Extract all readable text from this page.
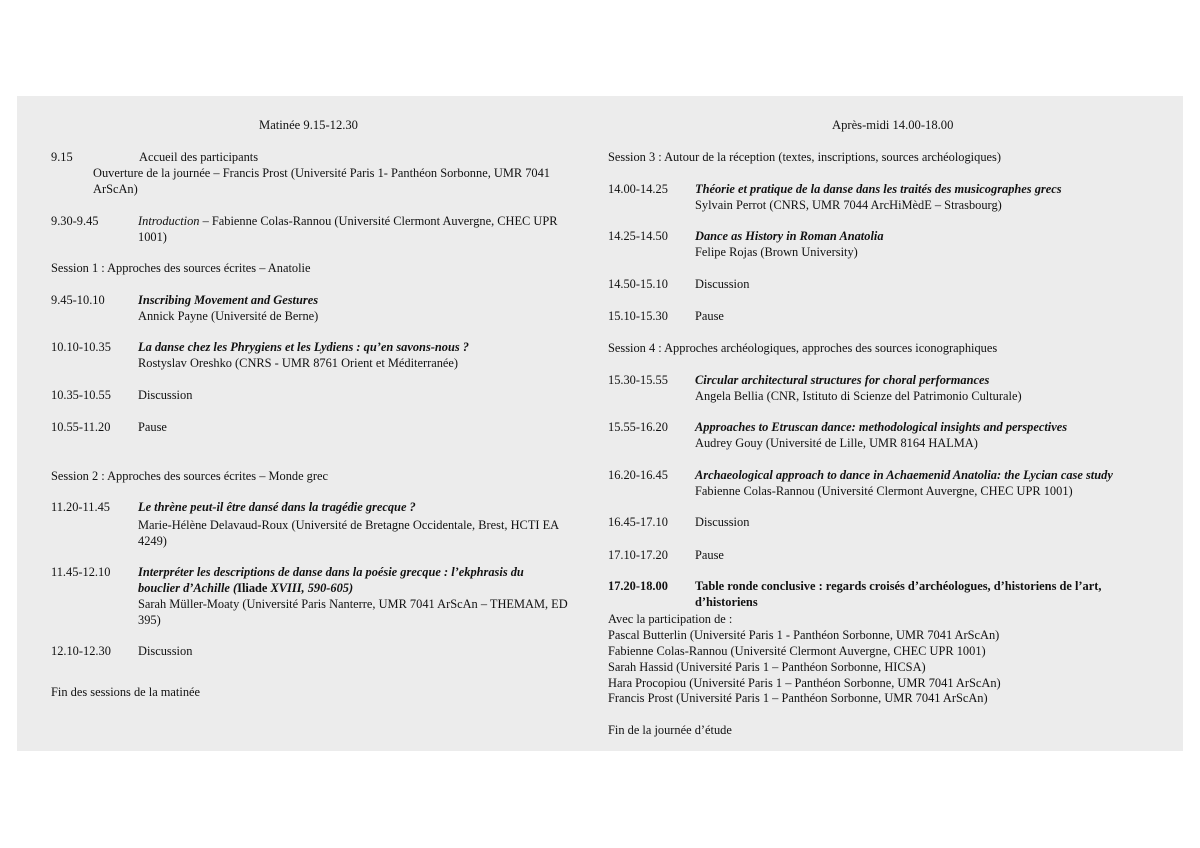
Matinée 9.15-12.30
9.15	Accueil des participants
Ouverture de la journée – Francis Prost (Université Paris 1- Panthéon Sorbonne, UMR 7041 ArScAn)
9.30-9.45	Introduction – Fabienne Colas-Rannou (Université Clermont Auvergne, CHEC UPR 1001)
Session 1 : Approches des sources écrites – Anatolie
9.45-10.10	Inscribing Movement and Gestures
Annick Payne (Université de Berne)
10.10-10.35 La danse chez les Phrygiens et les Lydiens : qu’en savons-nous ?
Rostyslav Oreshko (CNRS - UMR 8761 Orient et Méditerranée)
10.35-10.55 Discussion
10.55-11.20 Pause
Session 2 : Approches des sources écrites – Monde grec
11.20-11.45 Le thrène peut-il être dansé dans la tragédie grecque ?
Marie-Hélène Delavaud-Roux (Université de Bretagne Occidentale, Brest, HCTI EA 4249)
11.45-12.10 Interpréter les descriptions de danse dans la poésie grecque : l’ekphrasis du
bouclier d’Achille (Iliade XVIII, 590-605)
Sarah Müller-Moaty (Université Paris Nanterre, UMR 7041 ArScAn – THEMAM, ED 395)
12.10-12.30 Discussion
Fin des sessions de la matinée
Après-midi 14.00-18.00
Session 3 : Autour de la réception (textes, inscriptions, sources archéologiques)
14.00-14.25 Théorie et pratique de la danse dans les traités des musicographes grecs
Sylvain Perrot (CNRS, UMR 7044 ArcHiMèdE – Strasbourg)
14.25-14.50 Dance as History in Roman Anatolia
Felipe Rojas (Brown University)
14.50-15.10 Discussion
15.10-15.30 Pause
Session 4 : Approches archéologiques, approches des sources iconographiques
15.30-15.55 Circular architectural structures for choral performances
Angela Bellia (CNR, Istituto di Scienze del Patrimonio Culturale)
15.55-16.20 Approaches to Etruscan dance: methodological insights and perspectives
Audrey Gouy (Université de Lille, UMR 8164 HALMA)
16.20-16.45 Archaeological approach to dance in Achaemenid Anatolia: the Lycian case study
Fabienne Colas-Rannou (Université Clermont Auvergne, CHEC UPR 1001)
16.45-17.10 Discussion
17.10-17.20 Pause
17.20-18.00 Table ronde conclusive : regards croisés d’archéologues, d’historiens de l’art, d’historiens
Avec la participation de :
Pascal Butterlin (Université Paris 1 - Panthéon Sorbonne, UMR 7041 ArScAn)
Fabienne Colas-Rannou (Université Clermont Auvergne, CHEC UPR 1001)
Sarah Hassid (Université Paris 1 – Panthéon Sorbonne, HICSA)
Hara Procopiou (Université Paris 1 – Panthéon Sorbonne, UMR 7041 ArScAn)
Francis Prost (Université Paris 1 – Panthéon Sorbonne, UMR 7041 ArScAn)
Fin de la journée d’étude
